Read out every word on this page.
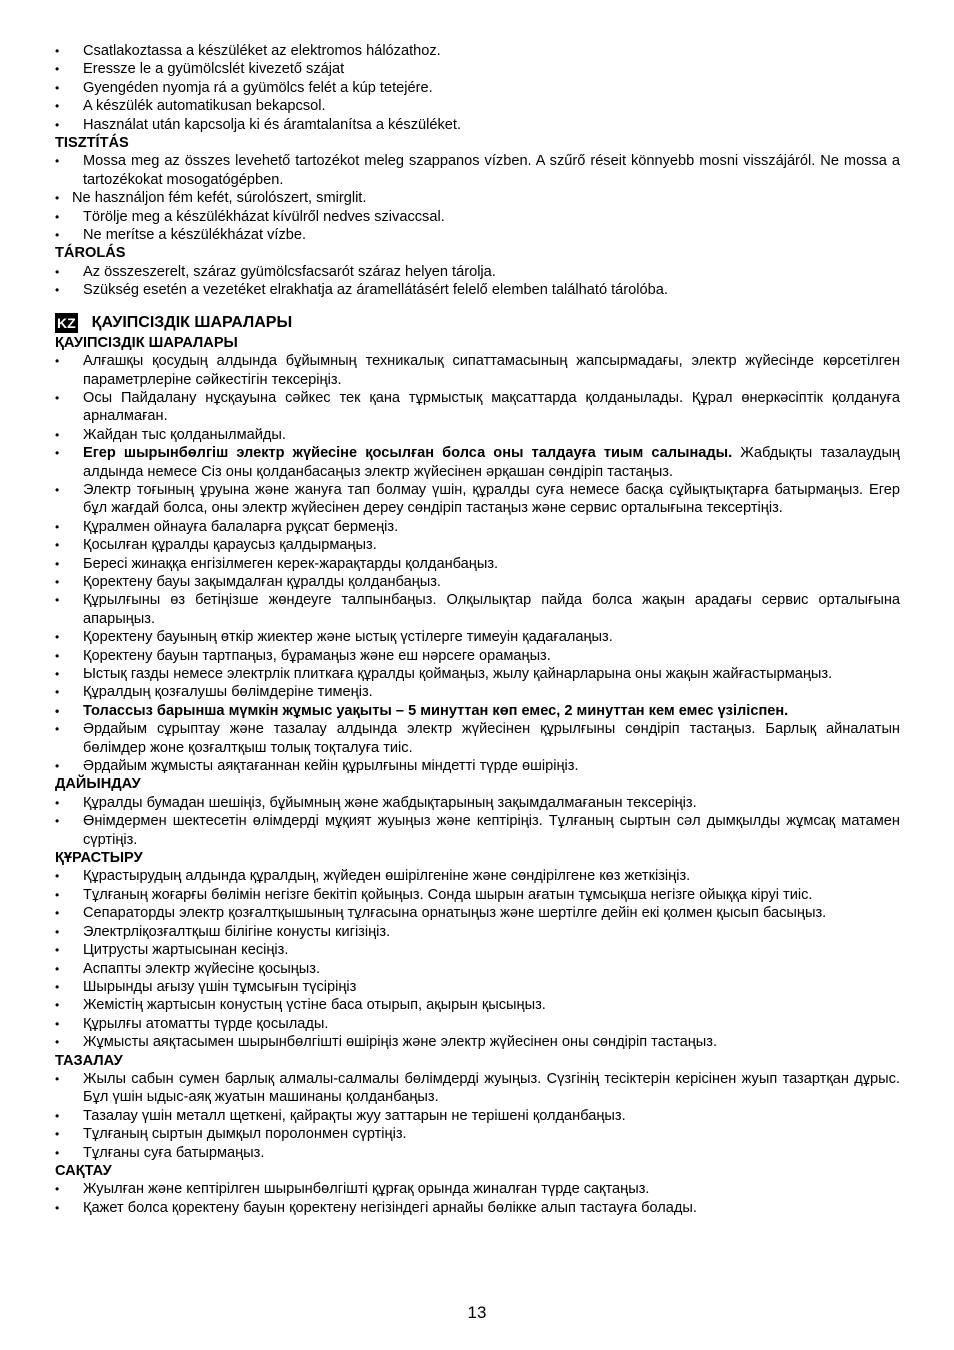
• Csatlakoztassa a készüléket az elektromos hálózathoz.
• Eressze le a gyümölcslét kivezető szájat
• Gyengéden nyomja rá a gyümölcs felét a kúp tetejére.
• A készülék automatikusan bekapcsol.
• Használat után kapcsolja ki és áramtalanítsa a készüléket.
TISZTÍTÁS
• Mossa meg az összes levehető tartozékot meleg szappanos vízben. A szűrő réseit könnyebb mosni visszájáról. Ne mossa a tartozékokat mosogatógépben.
• Ne használjon fém kefét, súrolószert, smirglit.
• Törölje meg a készülékházat kívülről nedves szivaccsal.
• Ne merítse a készülékházat vízbe.
TÁROLÁS
• Az összeszerelt, száraz gyümölcsfacsarót száraz helyen tárolja.
• Szükség esetén a vezetéket elrakhatja az áramellátásért felelő elemben található tárolóba.
KZ ҚАУІПСІЗДІК ШАРАЛАРЫ
ҚАУІПСІЗДІК ШАРАЛАРЫ
• Алғашқы қосудың алдында бұйымның техникалық сипаттамасының жапсырмадағы, электр жүйесінде көрсетілген параметрлеріне сәйкестігін тексеріңіз.
• Осы Пайдалану нұсқауына сәйкес тек қана тұрмыстық мақсаттарда қолданылады. Құрал өнеркәсіптік қолдануға арналмаған.
• Жайдан тыс қолданылмайды.
• Егер шырынбөлгіш электр жүйесіне қосылған болса оны талдауға тиым салынады. Жабдықты тазалаудың алдында немесе Сіз оны қолданбасаңыз электр жүйесінен әрқашан сөндіріп тастаңыз.
• Электр тоғының ұруына және жануға тап болмау үшін, құралды суға немесе басқа сұйықтықтарға батырмаңыз. Егер бұл жағдай болса, оны электр жүйесінен дереу сөндіріп тастаңыз және сервис орталығына тексертіңіз.
• Құралмен ойнауға балаларға рұқсат бермеңіз.
• Қосылған құралды қараусыз қалдырмаңыз.
• Бересі жинаққа енгізілмеген керек-жарақтарды қолданбаңыз.
• Қоректену бауы зақымдалған құралды қолданбаңыз.
• Құрылғыны өз бетіңізше жөндеуге талпынбаңыз. Олқылықтар пайда болса жақын арадағы сервис орталығына апарыңыз.
• Қоректену бауының өткір жиектер және ыстық үстілерге тимеуін қадағалаңыз.
• Қоректену бауын тартпаңыз, бұрамаңыз және еш нәрсеге орамаңыз.
• Ыстық газды немесе электрлік плиткаға құралды қоймаңыз, жылу қайнарларына оны жақын жайғастырмаңыз.
• Құралдың қозғалушы бөлімдеріне тимеңіз.
• Толассыз барынша мүмкін жұмыс уақыты – 5 минуттан көп емес, 2 минуттан кем емес үзіліспен.
• Әрдайым сұрыптау және тазалау алдында электр жүйесінен құрылғыны сөндіріп тастаңыз. Барлық айналатын бөлімдер жоне қозғалтқыш толық тоқталуға тиіс.
• Әрдайым жұмысты аяқтағаннан кейін құрылғыны міндетті түрде өшіріңіз.
ДАЙЫНДАУ
• Құралды бумадан шешіңіз, бұйымның және жабдықтарының зақымдалмағанын тексеріңіз.
• Өнімдермен шектесетін өлімдерді мұқият жуыңыз және кептіріңіз. Тұлғаның сыртын сәл дымқылды жұмсақ матамен сүртіңіз.
ҚҰРАСТЫРУ
• Құрастырудың алдында құралдың, жүйеден өшірілгеніне және сөндірілгене көз жеткізіңіз.
• Тұлғаның жоғарғы бөлімін негізге бекітіп қойыңыз. Сонда шырын ағатын тұмсықша негізге ойыққа кіруі тиіс.
• Сепараторды электр қозғалтқышының тұлғасына орнатыңыз және шертілге дейін екі қолмен қысып басыңыз.
• Электрліқозғалтқыш білігіне конусты кигізіңіз.
• Цитрусты жартысынан кесіңіз.
• Аспапты электр жүйесіне қосыңыз.
• Шырынды ағызу үшін тұмсығын түсіріңіз
• Жемістің жартысын конустың үстіне баса отырып, ақырын қысыңыз.
• Құрылғы атоматты түрде қосылады.
• Жұмысты аяқтасымен шырынбөлгішті өшіріңіз және электр жүйесінен оны сөндіріп тастаңыз.
ТАЗАЛАУ
• Жылы сабын сумен барлық алмалы-салмалы бөлімдерді жуыңыз. Сүзгінің тесіктерін керісінен жуып тазартқан дұрыс. Бұл үшін ыдыс-аяқ жуатын машинаны қолданбаңыз.
• Тазалау үшін металл щеткені, қайрақты жуу заттарын не терішені қолданбаңыз.
• Тұлғаның сыртын дымқыл поролонмен сүртіңіз.
• Тұлғаны суға батырмаңыз.
САҚТАУ
• Жуылған және кептірілген шырынбөлгішті құрғақ орында жиналған түрде сақтаңыз.
• Қажет болса қоректену бауын қоректену негізіндегі арнайы бөлікке алып тастауға болады.
13
